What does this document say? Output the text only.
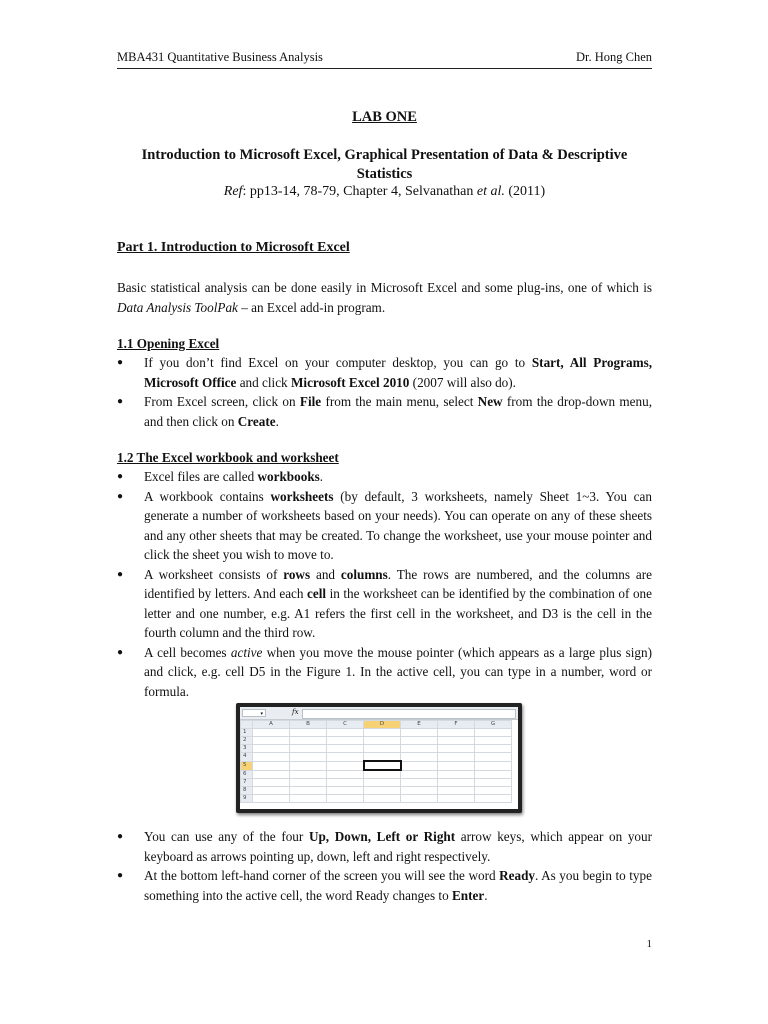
MBA431 Quantitative Business Analysis	Dr. Hong Chen
LAB ONE
Introduction to Microsoft Excel, Graphical Presentation of Data & Descriptive Statistics
Ref: pp13-14, 78-79, Chapter 4, Selvanathan et al. (2011)
Part 1. Introduction to Microsoft Excel
Basic statistical analysis can be done easily in Microsoft Excel and some plug-ins, one of which is Data Analysis ToolPak – an Excel add-in program.
1.1 Opening Excel
● If you don’t find Excel on your computer desktop, you can go to Start, All Programs, Microsoft Office and click Microsoft Excel 2010 (2007 will also do).
● From Excel screen, click on File from the main menu, select New from the drop-down menu, and then click on Create.
1.2 The Excel workbook and worksheet
● Excel files are called workbooks.
● A workbook contains worksheets (by default, 3 worksheets, namely Sheet 1~3. You can generate a number of worksheets based on your needs). You can operate on any of these sheets and any other sheets that may be created. To change the worksheet, use your mouse pointer and click the sheet you wish to move to.
● A worksheet consists of rows and columns. The rows are numbered, and the columns are identified by letters. And each cell in the worksheet can be identified by the combination of one letter and one number, e.g. A1 refers the first cell in the worksheet, and D3 is the cell in the fourth column and the third row.
● A cell becomes active when you move the mouse pointer (which appears as a large plus sign) and click, e.g. cell D5 in the Figure 1. In the active cell, you can type in a number, word or formula.
▾	fx
	A	B	C	D	E	F	G
1							
2							
3							
4							
5							
6							
7							
8							
9							
● You can use any of the four Up, Down, Left or Right arrow keys, which appear on your keyboard as arrows pointing up, down, left and right respectively.
● At the bottom left-hand corner of the screen you will see the word Ready. As you begin to type something into the active cell, the word Ready changes to Enter.
1
